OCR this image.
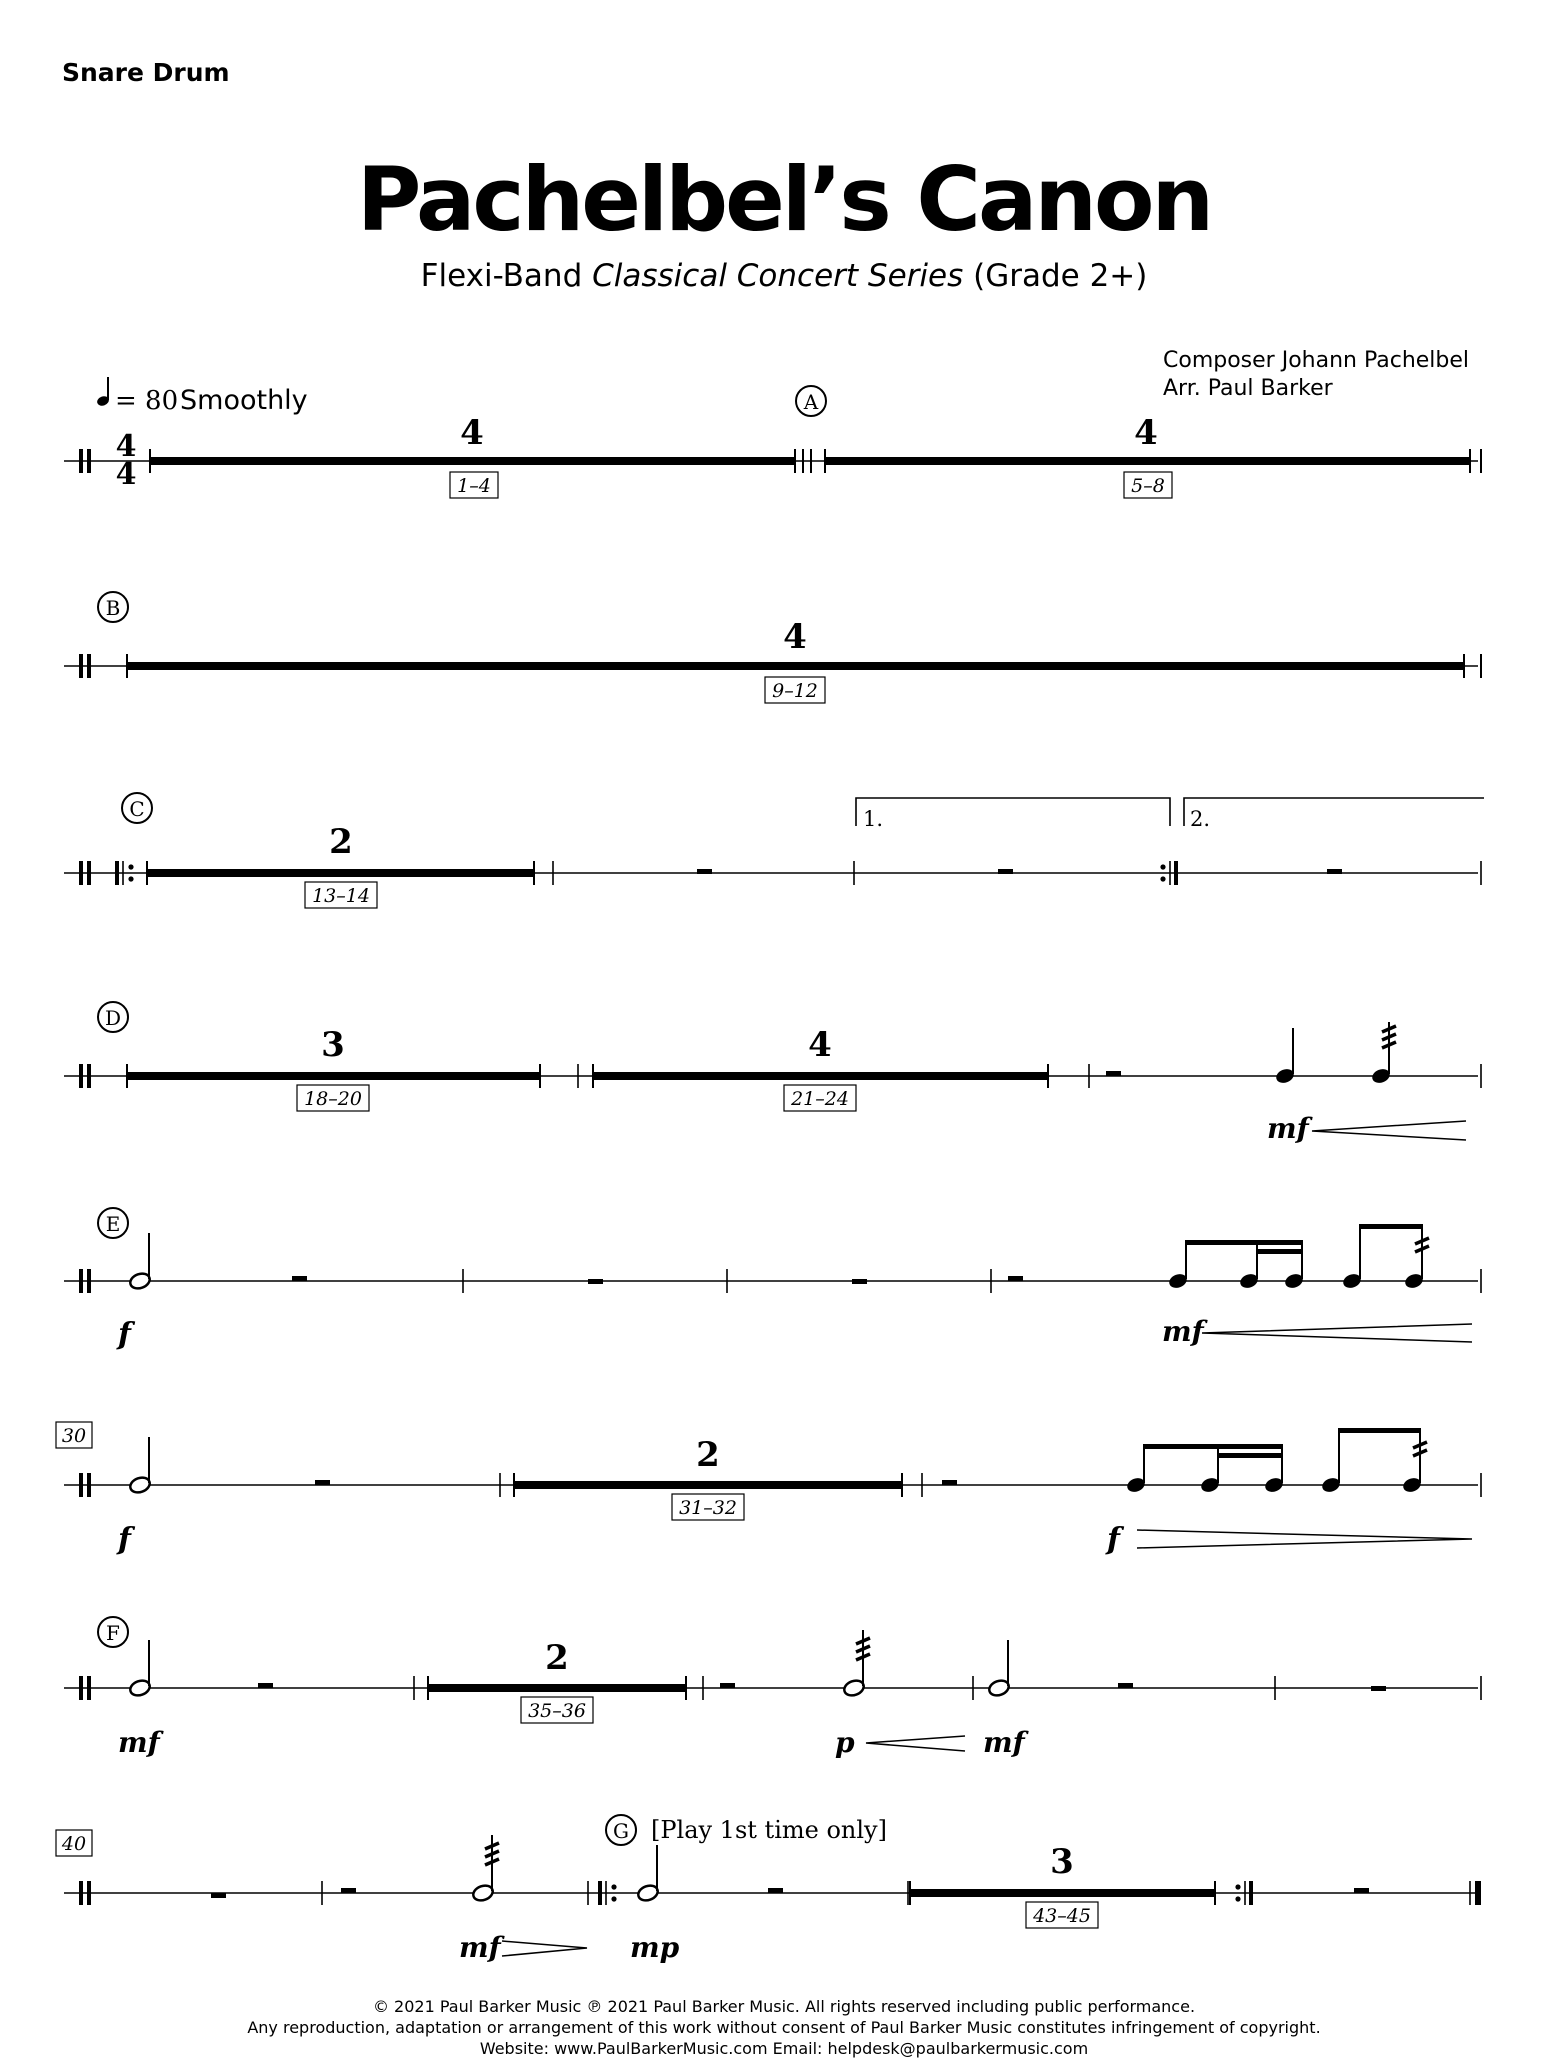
Snare Drum
Pachelbel’s Canon
Flexi-Band Classical Concert Series (Grade 2+)
Composer Johann Pachelbel
Arr. Paul Barker
= 80 Smoothly
4
4
A
4
1–4
4
5–8
B
4
9–12
C
2
13–14
1.	2.
D
3
18–20
4
21–24
mf
E
f	mf
30	2
31–32
f	f
F
2
35–36
mf	p	mf
40
G [Play 1st time only]
3
43–45
mf	mp
© 2021 Paul Barker Music ℗ 2021 Paul Barker Music. All rights reserved including public performance.
Any reproduction, adaptation or arrangement of this work without consent of Paul Barker Music constitutes infringement of copyright.
Website: www.PaulBarkerMusic.com Email: helpdesk@paulbarkermusic.com
